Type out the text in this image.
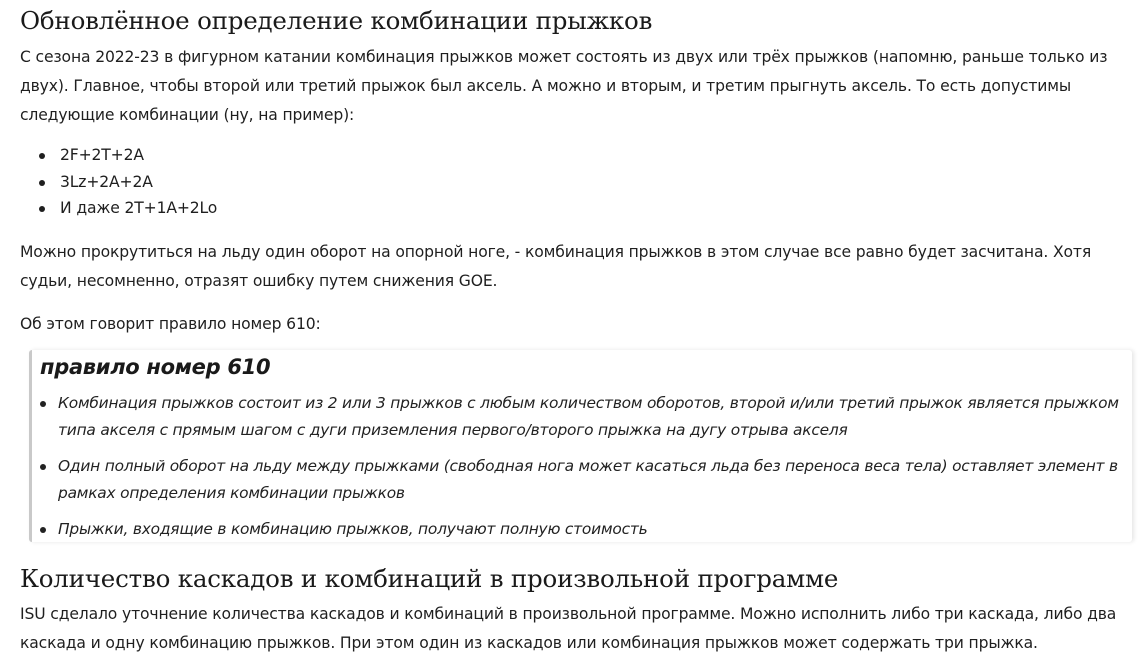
Обновлённое определение комбинации прыжков

С сезона 2022-23 в фигурном катании комбинация прыжков может состоять из двух или трёх прыжков (напомню, раньше только из двух). Главное, чтобы второй или третий прыжок был аксель. А можно и вторым, и третим прыгнуть аксель. То есть допустимы следующие комбинации (ну, на пример):

2F+2T+2A
3Lz+2A+2A
И даже 2T+1A+2Lo

Можно прокрутиться на льду один оборот на опорной ноге, - комбинация прыжков в этом случае все равно будет засчитана. Хотя судьи, несомненно, отразят ошибку путем снижения GOE.

Об этом говорит правило номер 610:

правило номер 610
Комбинация прыжков состоит из 2 или 3 прыжков с любым количеством оборотов, второй и/или третий прыжок является прыжком типа акселя с прямым шагом с дуги приземления первого/второго прыжка на дугу отрыва акселя
Один полный оборот на льду между прыжками (свободная нога может касаться льда без переноса веса тела) оставляет элемент в рамках определения комбинации прыжков
Прыжки, входящие в комбинацию прыжков, получают полную стоимость
Количество каскадов и комбинаций в произвольной программе

ISU сделало уточнение количества каскадов и комбинаций в произвольной программе. Можно исполнить либо три каскада, либо два каскада и одну комбинацию прыжков. При этом один из каскадов или комбинация прыжков может содержать три прыжка.
